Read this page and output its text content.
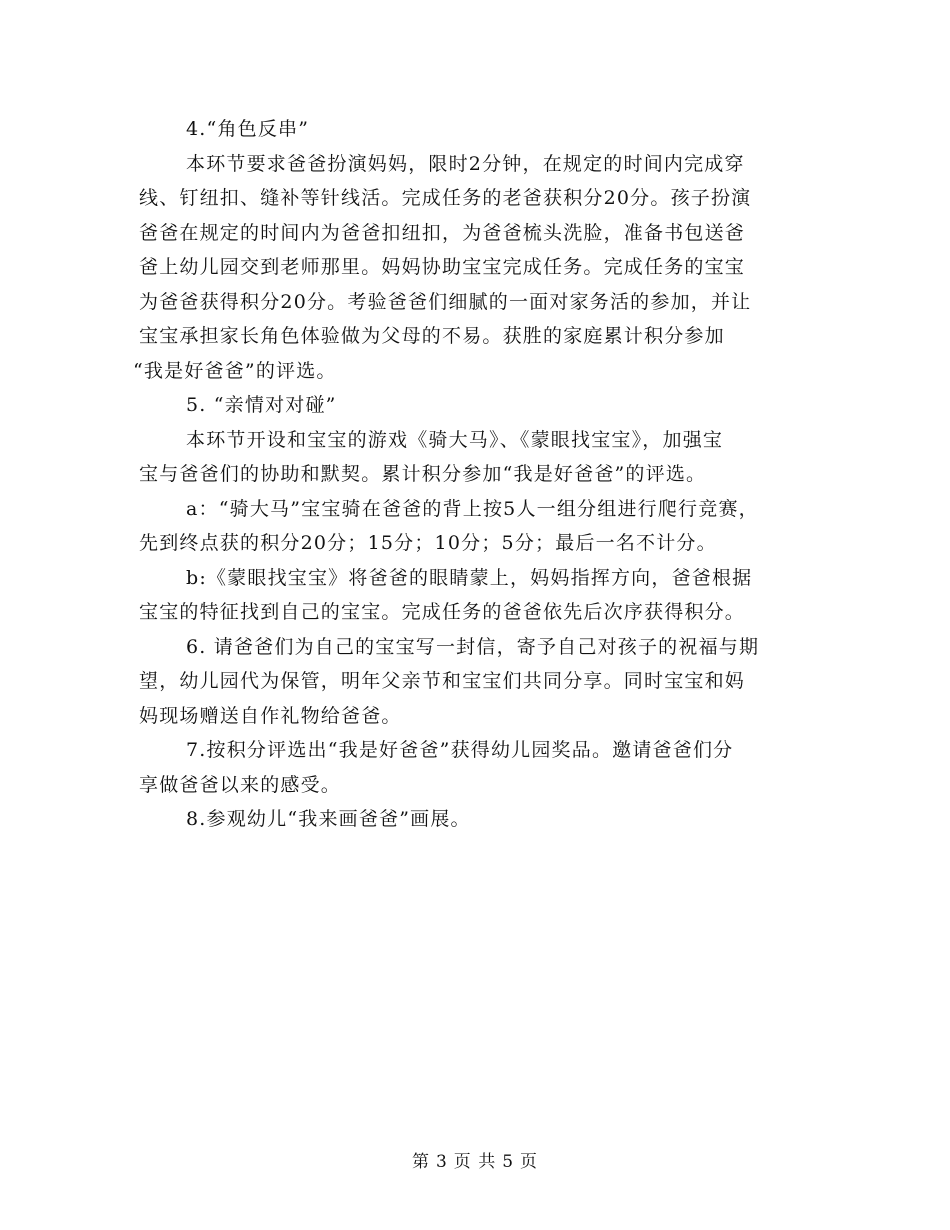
4.“角色反串”
本环节要求爸爸扮演妈妈，限时2分钟，在规定的时间内完成穿
线、钉纽扣、缝补等针线活。完成任务的老爸获积分20分。孩子扮演
爸爸在规定的时间内为爸爸扣纽扣，为爸爸梳头洗脸，准备书包送爸
爸上幼儿园交到老师那里。妈妈协助宝宝完成任务。完成任务的宝宝
为爸爸获得积分20分。考验爸爸们细腻的一面对家务活的参加，并让
宝宝承担家长角色体验做为父母的不易。获胜的家庭累计积分参加
“我是好爸爸”的评选。
5. “亲情对对碰”
本环节开设和宝宝的游戏《骑大马》、《蒙眼找宝宝》，加强宝
宝与爸爸们的协助和默契。累计积分参加“我是好爸爸”的评选。
a：“骑大马”宝宝骑在爸爸的背上按5人一组分组进行爬行竞赛，
先到终点获的积分20分；15分；10分；5分；最后一名不计分。
b:《蒙眼找宝宝》将爸爸的眼睛蒙上，妈妈指挥方向，爸爸根据
宝宝的特征找到自己的宝宝。完成任务的爸爸依先后次序获得积分。
6. 请爸爸们为自己的宝宝写一封信，寄予自己对孩子的祝福与期
望，幼儿园代为保管，明年父亲节和宝宝们共同分享。同时宝宝和妈
妈现场赠送自作礼物给爸爸。
7.按积分评选出“我是好爸爸”获得幼儿园奖品。邀请爸爸们分
享做爸爸以来的感受。
8.参观幼儿“我来画爸爸”画展。
第 3 页 共 5 页
